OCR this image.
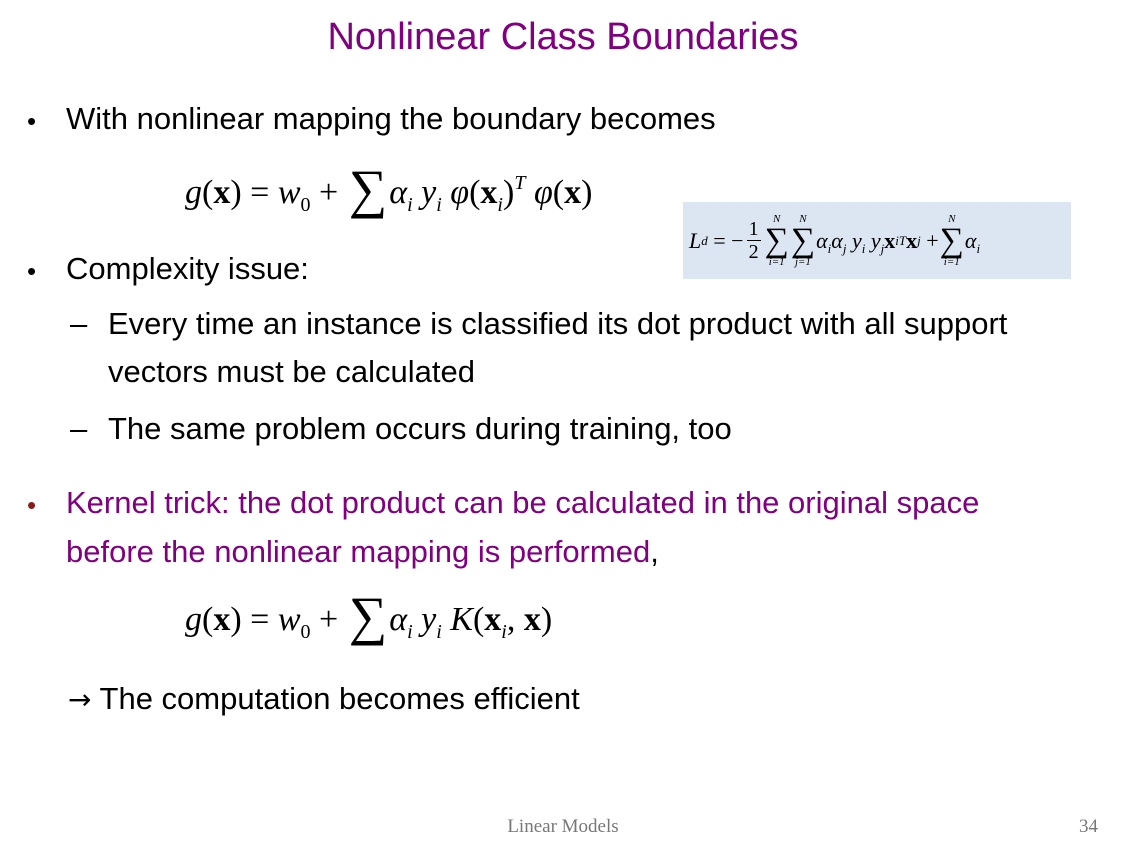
Nonlinear Class Boundaries
• With nonlinear mapping the boundary becomes
$g(x) = w_0 + \sum\alpha_i$ $y_i$ $\varphi(x_i)^T$ φ(x)
L d = − $\frac{1}{2}$ N
∑
i=1
N
∑
j=1
$\alpha_i\alpha_j$ $y_i$ $y_j$ x i T x j +
N
∑
i=1
$\alpha_i$
• Complexity issue:
– Every time an instance is classified its dot product with all support
vectors must be calculated
– The same problem occurs during training, too
• Kernel trick: the dot product can be calculated in the original space
before the nonlinear mapping is performed,
$g(x) = w_0 + \sum\alpha_i$ $y_i$ $K(x_i$, x)
→ The computation becomes efficient
Linear Models	34
